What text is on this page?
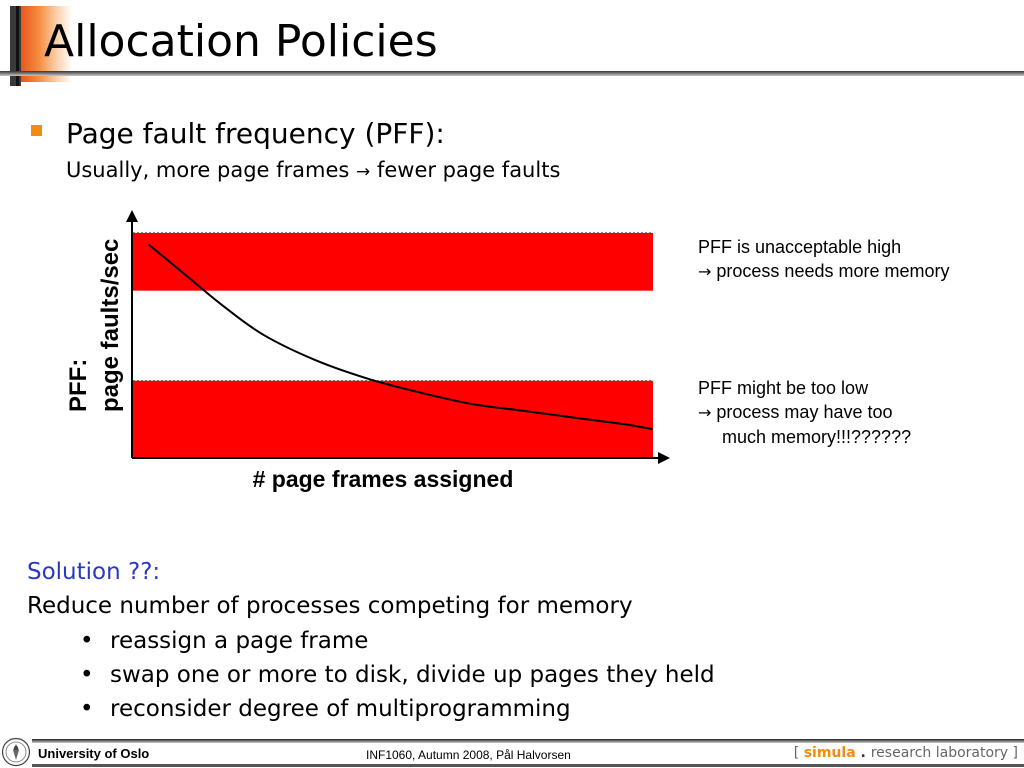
Allocation Policies
Page fault frequency (PFF):
Usually, more page frames → fewer page faults
PFF: page faults/sec
# page frames assigned
PFF is unacceptable high
→ process needs more memory
PFF might be too low
→ process may have too
much memory!!!??????
Solution ??:
Reduce number of processes competing for memory
• reassign a page frame
• swap one or more to disk, divide up pages they held
• reconsider degree of multiprogramming
University of Oslo	INF1060, Autumn 2008, Pål Halvorsen	[ simula . research laboratory ]
